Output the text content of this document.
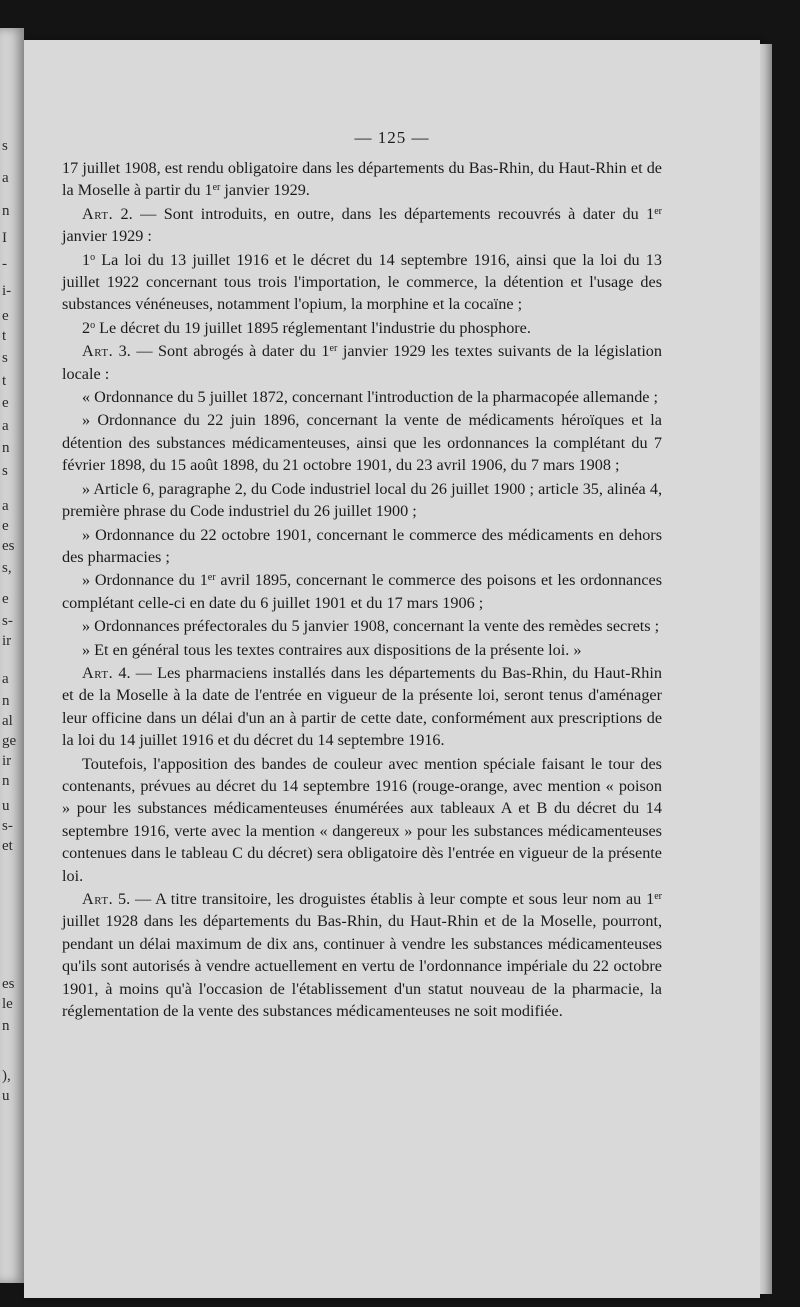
s
a
n
I
-
i-
e
t
s
t
e
a
n
s
a
e
es
s,
e
s-
ir
a
n
al
ge
ir
n
u
s-
et
es
le
n
),
u
— 125 —

17 juillet 1908, est rendu obligatoire dans les départements du Bas-Rhin, du Haut-Rhin et de la Moselle à partir du 1er janvier 1929.

Art. 2. — Sont introduits, en outre, dans les départements recouvrés à dater du 1er janvier 1929 :

1$^o$ La loi du 13 juillet 1916 et le décret du 14 septembre 1916, ainsi que la loi du 13 juillet 1922 concernant tous trois l'importation, le commerce, la détention et l'usage des substances vénéneuses, notamment l'opium, la morphine et la cocaïne ;

2$^o$ Le décret du 19 juillet 1895 réglementant l'industrie du phosphore.

Art. 3. — Sont abrogés à dater du 1er janvier 1929 les textes suivants de la législation locale :

« Ordonnance du 5 juillet 1872, concernant l'introduction de la pharmacopée allemande ;

» Ordonnance du 22 juin 1896, concernant la vente de médicaments héroïques et la détention des substances médicamenteuses, ainsi que les ordonnances la complétant du 7 février 1898, du 15 août 1898, du 21 octobre 1901, du 23 avril 1906, du 7 mars 1908 ;

» Article 6, paragraphe 2, du Code industriel local du 26 juillet 1900 ; article 35, alinéa 4, première phrase du Code industriel du 26 juillet 1900 ;

» Ordonnance du 22 octobre 1901, concernant le commerce des médicaments en dehors des pharmacies ;

» Ordonnance du 1er avril 1895, concernant le commerce des poisons et les ordonnances complétant celle-ci en date du 6 juillet 1901 et du 17 mars 1906 ;

» Ordonnances préfectorales du 5 janvier 1908, concernant la vente des remèdes secrets ;

» Et en général tous les textes contraires aux dispositions de la présente loi. »

Art. 4. — Les pharmaciens installés dans les départements du Bas-Rhin, du Haut-Rhin et de la Moselle à la date de l'entrée en vigueur de la présente loi, seront tenus d'aménager leur officine dans un délai d'un an à partir de cette date, conformément aux prescriptions de la loi du 14 juillet 1916 et du décret du 14 septembre 1916.

Toutefois, l'apposition des bandes de couleur avec mention spéciale faisant le tour des contenants, prévues au décret du 14 septembre 1916 (rouge-orange, avec mention « poison » pour les substances médicamenteuses énumérées aux tableaux A et B du décret du 14 septembre 1916, verte avec la mention « dangereux » pour les substances médicamenteuses contenues dans le tableau C du décret) sera obligatoire dès l'entrée en vigueur de la présente loi.

Art. 5. — A titre transitoire, les droguistes établis à leur compte et sous leur nom au 1er juillet 1928 dans les départements du Bas-Rhin, du Haut-Rhin et de la Moselle, pourront, pendant un délai maximum de dix ans, continuer à vendre les substances médicamenteuses qu'ils sont autorisés à vendre actuellement en vertu de l'ordonnance impériale du 22 octobre 1901, à moins qu'à l'occasion de l'établissement d'un statut nouveau de la pharmacie, la réglementation de la vente des substances médicamenteuses ne soit modifiée.
